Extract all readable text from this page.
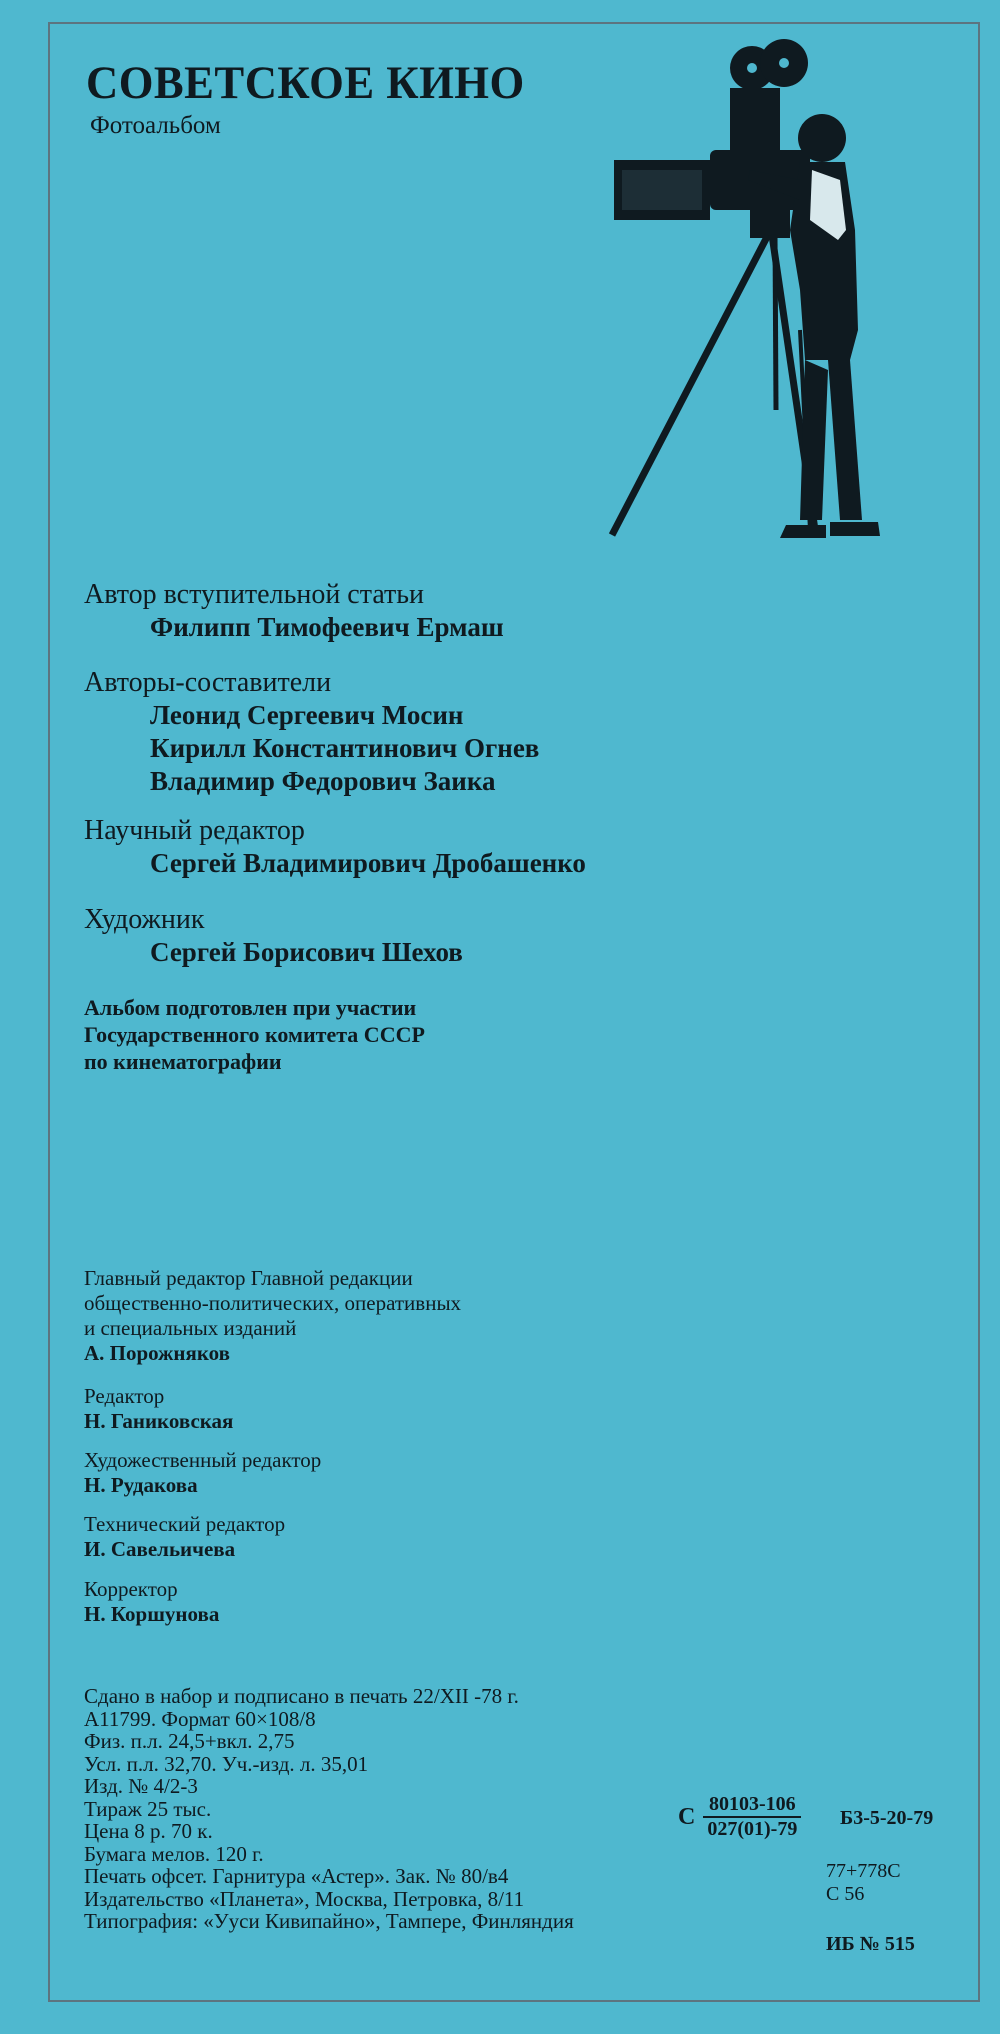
СОВЕТСКОЕ КИНО
Фотоальбом
Автор вступительной статьи
Филипп Тимофеевич Ермаш
Авторы-составители
Леонид Сергеевич Мосин
Кирилл Константинович Огнев
Владимир Федорович Заика
Научный редактор
Сергей Владимирович Дробашенко
Художник
Сергей Борисович Шехов
Альбом подготовлен при участии
Государственного комитета СССР
по кинематографии
Главный редактор Главной редакции
общественно-политических, оперативных
и специальных изданий
А. Порожняков
Редактор
Н. Ганиковская
Художественный редактор
Н. Рудакова
Технический редактор
И. Савельичева
Корректор
Н. Коршунова
Сдано в набор и подписано в печать 22/XII -78 г.
А11799. Формат 60×108/8
Физ. п.л. 24,5+вкл. 2,75
Усл. п.л. 32,70. Уч.-изд. л. 35,01
Изд. № 4/2-3
Тираж 25 тыс.
Цена 8 р. 70 к.
Бумага мелов. 120 г.
Печать офсет. Гарнитура «Астер». Зак. № 80/в4
Издательство «Планета», Москва, Петровка, 8/11
Типография: «Ууси Кивипайно», Тампере, Финляндия
С $\frac{80103-106}{027(01)-79} Б3-5-20-79$
77+778С
С 56
ИБ № 515
